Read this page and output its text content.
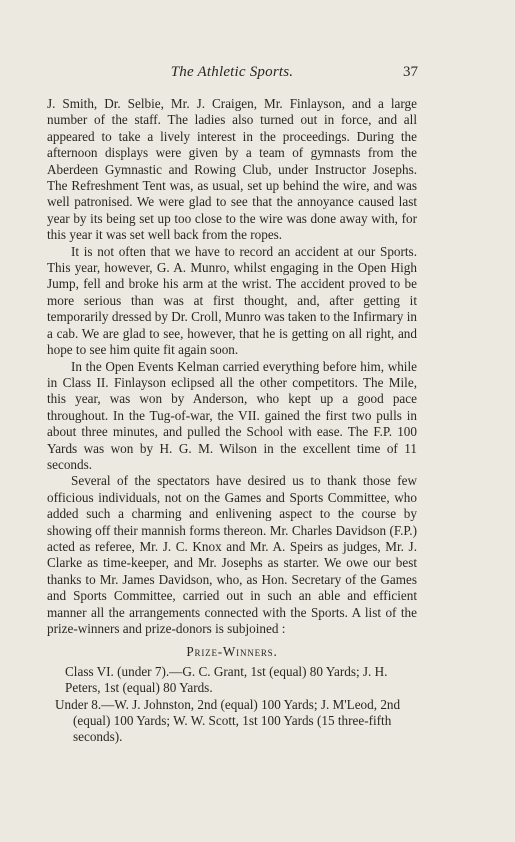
The Athletic Sports.	37

J. Smith, Dr. Selbie, Mr. J. Craigen, Mr. Finlayson, and a large number of the staff. The ladies also turned out in force, and all appeared to take a lively interest in the proceedings. During the afternoon displays were given by a team of gymnasts from the Aberdeen Gymnastic and Rowing Club, under Instructor Josephs. The Refreshment Tent was, as usual, set up behind the wire, and was well patronised. We were glad to see that the annoyance caused last year by its being set up too close to the wire was done away with, for this year it was set well back from the ropes.

It is not often that we have to record an accident at our Sports. This year, however, G. A. Munro, whilst engaging in the Open High Jump, fell and broke his arm at the wrist. The accident proved to be more serious than was at first thought, and, after getting it temporarily dressed by Dr. Croll, Munro was taken to the Infirmary in a cab. We are glad to see, however, that he is getting on all right, and hope to see him quite fit again soon.

In the Open Events Kelman carried everything before him, while in Class II. Finlayson eclipsed all the other competitors. The Mile, this year, was won by Anderson, who kept up a good pace throughout. In the Tug-of-war, the VII. gained the first two pulls in about three minutes, and pulled the School with ease. The F.P. 100 Yards was won by H. G. M. Wilson in the excellent time of 11 seconds.

Several of the spectators have desired us to thank those few officious individuals, not on the Games and Sports Committee, who added such a charming and enlivening aspect to the course by showing off their mannish forms thereon. Mr. Charles Davidson (F.P.) acted as referee, Mr. J. C. Knox and Mr. A. Speirs as judges, Mr. J. Clarke as time-keeper, and Mr. Josephs as starter. We owe our best thanks to Mr. James Davidson, who, as Hon. Secretary of the Games and Sports Committee, carried out in such an able and efficient manner all the arrangements connected with the Sports. A list of the prize-winners and prize-donors is subjoined :

Prize-Winners.

Class VI. (under 7).—G. C. Grant, 1st (equal) 80 Yards; J. H. Peters, 1st (equal) 80 Yards.

Under 8.—W. J. Johnston, 2nd (equal) 100 Yards; J. M'Leod, 2nd (equal) 100 Yards; W. W. Scott, 1st 100 Yards (15 three-fifth seconds).
